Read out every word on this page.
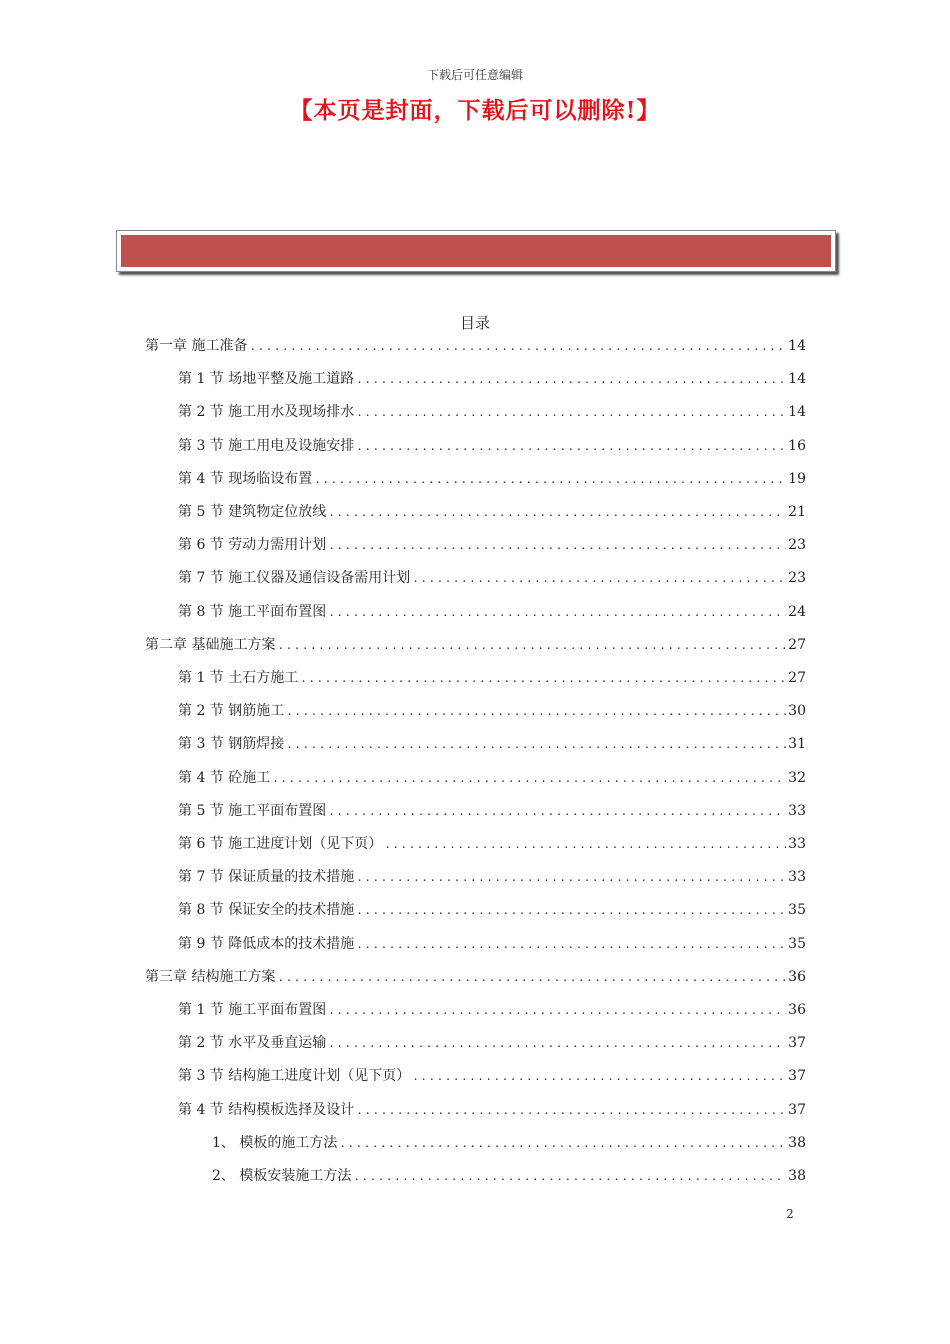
下载后可任意编辑
【本页是封面，下载后可以删除!】
目录
第一章 施工准备 .....	14
第 1 节 场地平整及施工道路 .....	14
第 2 节 施工用水及现场排水 .....	14
第 3 节 施工用电及设施安排 .....	16
第 4 节 现场临设布置 .....	19
第 5 节 建筑物定位放线 .....	21
第 6 节 劳动力需用计划 .....	23
第 7 节 施工仪器及通信设备需用计划 .....	23
第 8 节 施工平面布置图 .....	24
第二章 基础施工方案 .....	27
第 1 节 土石方施工 .....	27
第 2 节 钢筋施工 .....	30
第 3 节 钢筋焊接 .....	31
第 4 节 砼施工 .....	32
第 5 节 施工平面布置图 .....	33
第 6 节 施工进度计划（见下页） .....	33
第 7 节 保证质量的技术措施 .....	33
第 8 节 保证安全的技术措施 .....	35
第 9 节 降低成本的技术措施 .....	35
第三章 结构施工方案 .....	36
第 1 节 施工平面布置图 .....	36
第 2 节 水平及垂直运输 .....	37
第 3 节 结构施工进度计划（见下页） .....	37
第 4 节 结构模板选择及设计 .....	37
1、 模板的施工方法 .....	38
2、 模板安装施工方法 .....	38
2
